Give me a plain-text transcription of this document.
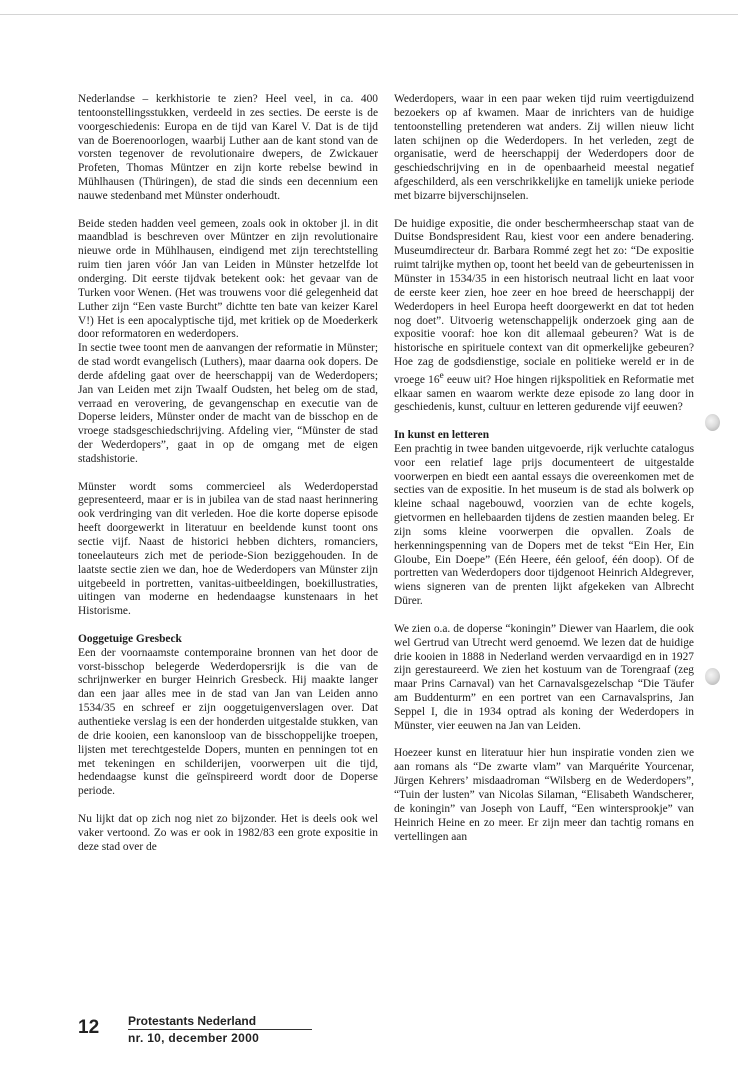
Nederlandse – kerkhistorie te zien? Heel veel, in ca. 400 tentoonstellingsstukken, verdeeld in zes secties. De eerste is de voorgeschiedenis: Europa en de tijd van Karel V. Dat is de tijd van de Boerenoorlogen, waarbij Luther aan de kant stond van de vorsten tegenover de revolutionaire dwepers, de Zwickauer Profeten, Thomas Müntzer en zijn korte rebelse bewind in Mühlhausen (Thüringen), de stad die sinds een decennium een nauwe stedenband met Münster onderhoudt.

Beide steden hadden veel gemeen, zoals ook in oktober jl. in dit maandblad is beschreven over Müntzer en zijn revolutionaire nieuwe orde in Mühlhausen, eindigend met zijn terechtstelling ruim tien jaren vóór Jan van Leiden in Münster hetzelfde lot onderging. Dit eerste tijdvak betekent ook: het gevaar van de Turken voor Wenen. (Het was trouwens voor dié gelegenheid dat Luther zijn “Een vaste Burcht” dichtte ten bate van keizer Karel V!) Het is een apocalyptische tijd, met kritiek op de Moederkerk door reformatoren en wederdopers.

In sectie twee toont men de aanvangen der reformatie in Münster; de stad wordt evangelisch (Luthers), maar daarna ook dopers. De derde afdeling gaat over de heerschappij van de Wederdopers; Jan van Leiden met zijn Twaalf Oudsten, het beleg om de stad, verraad en verovering, de gevangenschap en executie van de Doperse leiders, Münster onder de macht van de bisschop en de vroege stadsgeschiedschrijving. Afdeling vier, “Münster de stad der Wederdopers”, gaat in op de omgang met de eigen stadshistorie.

Münster wordt soms commercieel als Wederdoperstad gepresenteerd, maar er is in jubilea van de stad naast herinnering ook verdringing van dit verleden. Hoe die korte doperse episode heeft doorgewerkt in literatuur en beeldende kunst toont ons sectie vijf. Naast de historici hebben dichters, romanciers, toneelauteurs zich met de periode-Sion beziggehouden. In de laatste sectie zien we dan, hoe de Wederdopers van Münster zijn uitgebeeld in portretten, vanitas-uitbeeldingen, boekillustraties, uitingen van moderne en hedendaagse kunstenaars in het Historisme.

Ooggetuige Gresbeck

Een der voornaamste contemporaine bronnen van het door de vorst-bisschop belegerde Wederdopersrijk is die van de schrijnwerker en burger Heinrich Gresbeck. Hij maakte langer dan een jaar alles mee in de stad van Jan van Leiden anno 1534/35 en schreef er zijn ooggetuigenverslagen over. Dat authentieke verslag is een der honderden uitgestalde stukken, van de drie kooien, een kanonsloop van de bisschoppelijke troepen, lijsten met terechtgestelde Dopers, munten en penningen tot en met tekeningen en schilderijen, voorwerpen uit die tijd, hedendaagse kunst die geïnspireerd wordt door de Doperse periode.

Nu lijkt dat op zich nog niet zo bijzonder. Het is deels ook wel vaker vertoond. Zo was er ook in 1982/83 een grote expositie in deze stad over de

Wederdopers, waar in een paar weken tijd ruim veertigduizend bezoekers op af kwamen. Maar de inrichters van de huidige tentoonstelling pretenderen wat anders. Zij willen nieuw licht laten schijnen op die Wederdopers. In het verleden, zegt de organisatie, werd de heerschappij der Wederdopers door de geschiedschrijving en in de openbaarheid meestal negatief afgeschilderd, als een verschrikkelijke en tamelijk unieke periode met bizarre bijverschijnselen.

De huidige expositie, die onder beschermheerschap staat van de Duitse Bondspresident Rau, kiest voor een andere benadering. Museumdirecteur dr. Barbara Rommé zegt het zo: “De expositie ruimt talrijke mythen op, toont het beeld van de gebeurtenissen in Münster in 1534/35 in een historisch neutraal licht en laat voor de eerste keer zien, hoe zeer en hoe breed de heerschappij der Wederdopers in heel Europa heeft doorgewerkt en dat tot heden nog doet”. Uitvoerig wetenschappelijk onderzoek ging aan de expositie vooraf: hoe kon dit allemaal gebeuren? Wat is de historische en spirituele context van dit opmerkelijke gebeuren? Hoe zag de godsdienstige, sociale en politieke wereld er in de vroege 16e eeuw uit? Hoe hingen rijkspolitiek en Reformatie met elkaar samen en waarom werkte deze episode zo lang door in geschiedenis, kunst, cultuur en letteren gedurende vijf eeuwen?

In kunst en letteren

Een prachtig in twee banden uitgevoerde, rijk verluchte catalogus voor een relatief lage prijs documenteert de uitgestalde voorwerpen en biedt een aantal essays die overeenkomen met de secties van de expositie. In het museum is de stad als bolwerk op kleine schaal nagebouwd, voorzien van de echte kogels, gietvormen en hellebaarden tijdens de zestien maanden beleg. Er zijn soms kleine voorwerpen die opvallen. Zoals de herkenningspenning van de Dopers met de tekst “Ein Her, Ein Gloube, Ein Doepe” (Eén Heere, één geloof, één doop). Of de portretten van Wederdopers door tijdgenoot Heinrich Aldegrever, wiens signeren van de prenten lijkt afgekeken van Albrecht Dürer.

We zien o.a. de doperse “koningin” Diewer van Haarlem, die ook wel Gertrud van Utrecht werd genoemd. We lezen dat de huidige drie kooien in 1888 in Nederland werden vervaardigd en in 1927 zijn gerestaureerd. We zien het kostuum van de Torengraaf (zeg maar Prins Carnaval) van het Carnavalsgezelschap “Die Täufer am Buddenturm” en een portret van een Carnavalsprins, Jan Seppel I, die in 1934 optrad als koning der Wederdopers in Münster, vier eeuwen na Jan van Leiden.

Hoezeer kunst en literatuur hier hun inspiratie vonden zien we aan romans als “De zwarte vlam” van Marquérite Yourcenar, Jürgen Kehrers’ misdaadroman “Wilsberg en de Wederdopers”, “Tuin der lusten” van Nicolas Silaman, “Elisabeth Wandscherer, de koningin” van Joseph von Lauff, “Een wintersprookje” van Heinrich Heine en zo meer. Er zijn meer dan tachtig romans en vertellingen aan

12 Protestants Nederland
nr. 10, december 2000
